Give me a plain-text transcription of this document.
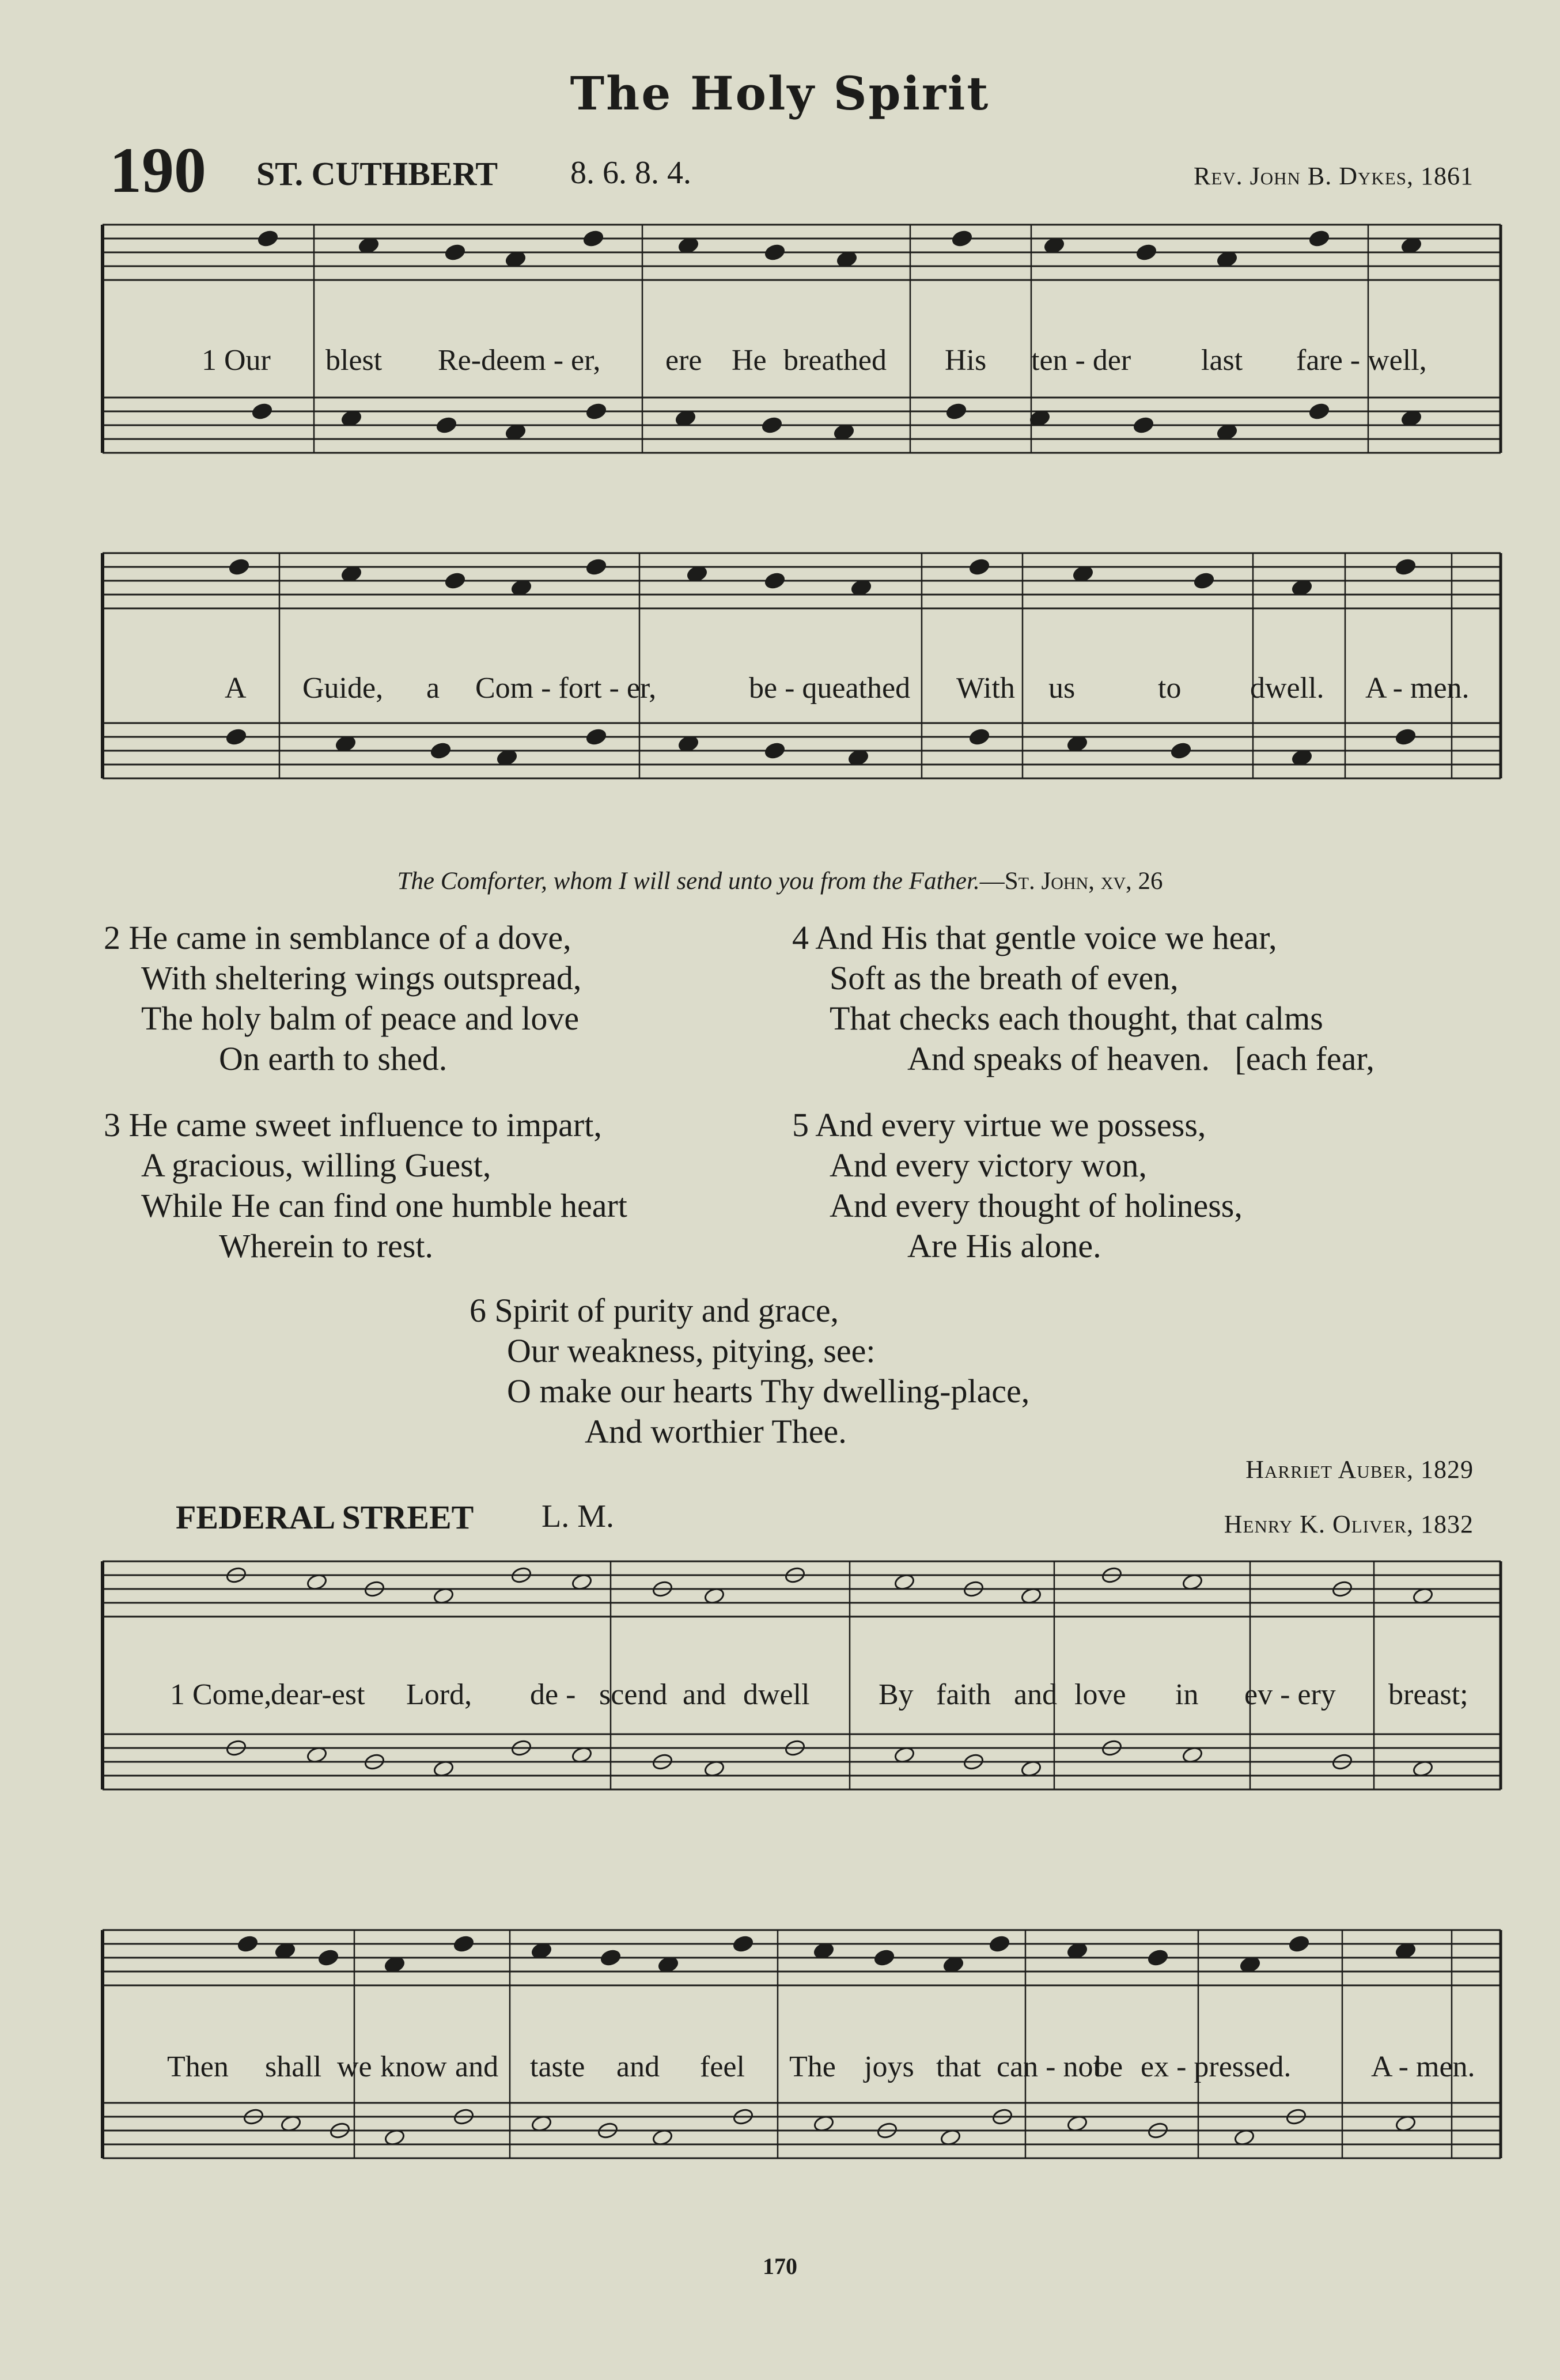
The Holy Spirit
190 ST. CUTHBERT 8. 6. 8. 4.	Rev. John B. Dykes, 1861
1 Our blest Re-deem - er, ere He breathed His ten - der last fare - well,
A Guide, a Com - fort - er,	be - queathed With us	to dwell. A - men.
The Comforter, whom I will send unto you from the Father.—St. John, xv, 26
2 He came in semblance of a dove,
With sheltering wings outspread,
The holy balm of peace and love
On earth to shed.
3 He came sweet influence to impart,
A gracious, willing Guest,
While He can find one humble heart
Wherein to rest.
4 And His that gentle voice we hear,
Soft as the breath of even,
That checks each thought, that calms
And speaks of heaven.   [each fear,
5 And every virtue we possess,
And every victory won,
And every thought of holiness,
Are His alone.
6 Spirit of purity and grace,
Our weakness, pitying, see:
O make our hearts Thy dwelling-place,
And worthier Thee.
Harriet Auber, 1829
FEDERAL STREET L. M.	Henry K. Oliver, 1832
1 Come,
dear-est Lord, de - scend and dwell By faith and love in ev - ery breast;
Then shall we know and taste and feel The joys that can - not
be ex - pressed.	A - men.
170
